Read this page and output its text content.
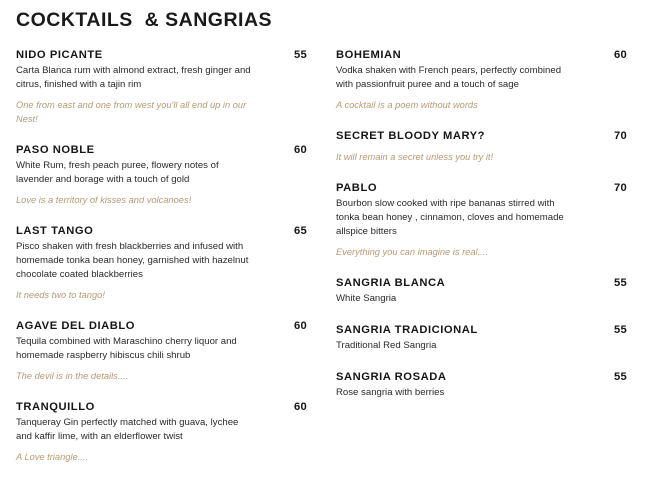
COCKTAILS  & SANGRIAS
NIDO PICANTE	55
Carta Blanca rum with almond extract, fresh ginger and citrus, finished with a tajin rim
One from east and one from west you'll all end up in our Nest!
PASO NOBLE	60
White Rum, fresh peach puree, flowery notes of lavender and borage with a touch of gold
Love is a territory of kisses and volcanoes!
LAST TANGO	65
Pisco shaken with fresh blackberries and infused with homemade tonka bean honey, garnished with hazelnut chocolate coated blackberries
It needs two to tango!
AGAVE DEL DIABLO	60
Tequila combined with Maraschino cherry liquor and homemade raspberry hibiscus chili shrub
The devil is in the details....
TRANQUILLO	60
Tanqueray Gin perfectly matched with guava, lychee and kaffir lime, with an elderflower twist
A Love triangle....
BOHEMIAN	60
Vodka shaken with French pears, perfectly combined with passionfruit puree and a touch of sage
A cocktail is a poem without words
SECRET BLOODY MARY?	70
It will remain a secret unless you try it!
PABLO	70
Bourbon slow cooked with ripe bananas stirred with tonka bean honey , cinnamon, cloves and homemade allspice bitters
Everything you can imagine is real....
SANGRIA BLANCA	55
White Sangria
SANGRIA TRADICIONAL	55
Traditional Red Sangria
SANGRIA ROSADA	55
Rose sangria with berries
